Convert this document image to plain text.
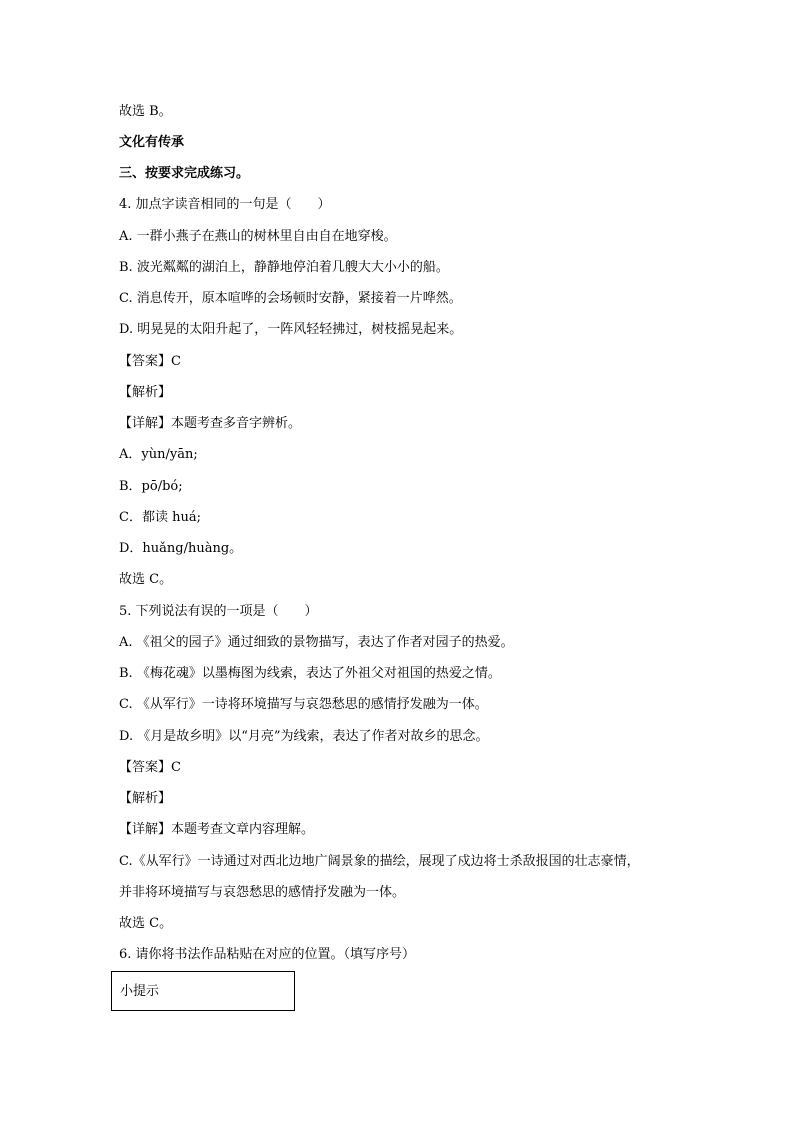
故选 B。
文化有传承
三、按要求完成练习。
4. 加点字读音相同的一句是（　　）
A. 一群小燕子在燕山的树林里自由自在地穿梭。
B. 波光粼粼的湖泊上，静静地停泊着几艘大大小小的船。
C. 消息传开，原本喧哗的会场顿时安静，紧接着一片哗然。
D. 明晃晃的太阳升起了，一阵风轻轻拂过，树枝摇晃起来。
【答案】C
【解析】
【详解】本题考查多音字辨析。
A．yùn/yān;
B．pō/bó;
C．都读 huá;
D．huǎng/huàng。
故选 C。
5. 下列说法有误的一项是（　　）
A. 《祖父的园子》通过细致的景物描写，表达了作者对园子的热爱。
B. 《梅花魂》以墨梅图为线索，表达了外祖父对祖国的热爱之情。
C. 《从军行》一诗将环境描写与哀怨愁思的感情抒发融为一体。
D. 《月是故乡明》以“月亮”为线索，表达了作者对故乡的思念。
【答案】C
【解析】
【详解】本题考查文章内容理解。
C.《从军行》一诗通过对西北边地广阔景象的描绘，展现了戍边将士杀敌报国的壮志豪情，
并非将环境描写与哀怨愁思的感情抒发融为一体。
故选 C。
6. 请你将书法作品粘贴在对应的位置。（填写序号）
小提示
